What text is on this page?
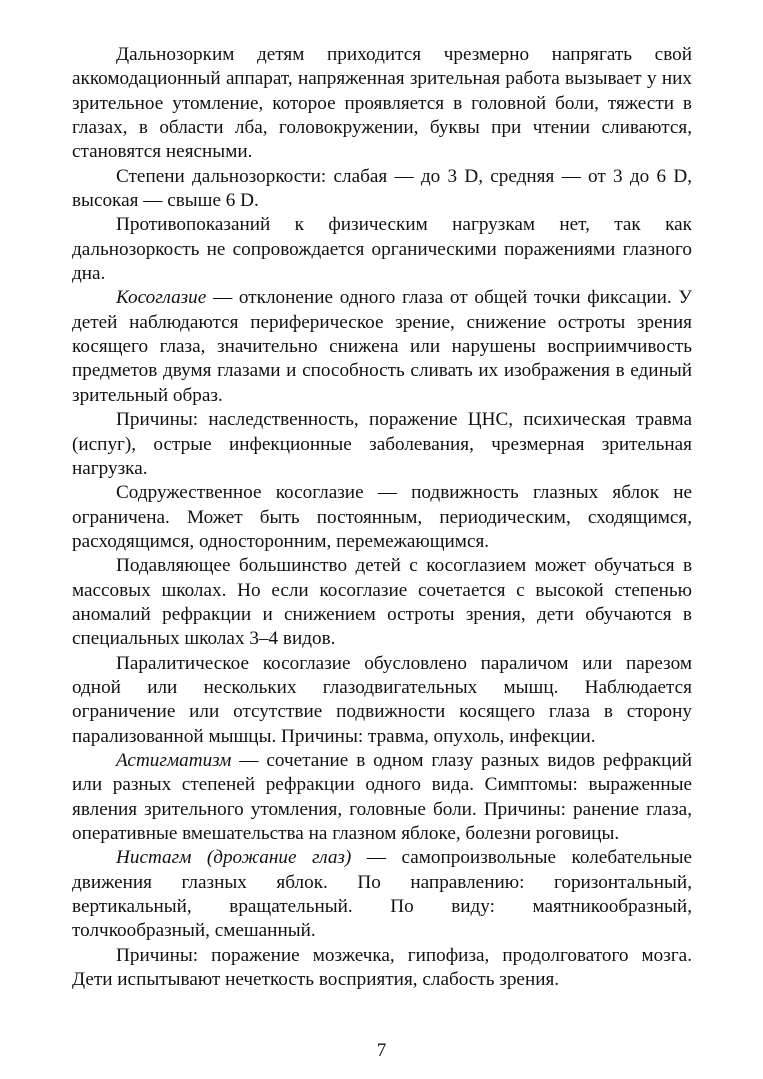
Дальнозорким детям приходится чрезмерно напрягать свой аккомодационный аппарат, напряженная зрительная работа вызывает у них зрительное утомление, которое проявляется в головной боли, тяжести в глазах, в области лба, головокружении, буквы при чтении сливаются, становятся неясными.

Степени дальнозоркости: слабая — до 3 D, средняя — от 3 до 6 D, высокая — свыше 6 D.

Противопоказаний к физическим нагрузкам нет, так как дальнозоркость не сопровождается органическими поражениями глазного дна.

Косоглазие — отклонение одного глаза от общей точки фиксации. У детей наблюдаются периферическое зрение, снижение остроты зрения косящего глаза, значительно снижена или нарушены восприимчивость предметов двумя глазами и способность сливать их изображения в единый зрительный образ.

Причины: наследственность, поражение ЦНС, психическая травма (испуг), острые инфекционные заболевания, чрезмерная зрительная нагрузка.

Содружественное косоглазие — подвижность глазных яблок не ограничена. Может быть постоянным, периодическим, сходящимся, расходящимся, односторонним, перемежающимся.

Подавляющее большинство детей с косоглазием может обучаться в массовых школах. Но если косоглазие сочетается с высокой степенью аномалий рефракции и снижением остроты зрения, дети обучаются в специальных школах 3–4 видов.

Паралитическое косоглазие обусловлено параличом или парезом одной или нескольких глазодвигательных мышц. Наблюдается ограничение или отсутствие подвижности косящего глаза в сторону парализованной мышцы. Причины: травма, опухоль, инфекции.

Астигматизм — сочетание в одном глазу разных видов рефракций или разных степеней рефракции одного вида. Симптомы: выраженные явления зрительного утомления, головные боли. Причины: ранение глаза, оперативные вмешательства на глазном яблоке, болезни роговицы.

Нистагм (дрожание глаз) — самопроизвольные колебательные движения глазных яблок. По направлению: горизонтальный, вертикальный, вращательный. По виду: маятникообразный, толчкообразный, смешанный.

Причины: поражение мозжечка, гипофиза, продолговатого мозга. Дети испытывают нечеткость восприятия, слабость зрения.

7
